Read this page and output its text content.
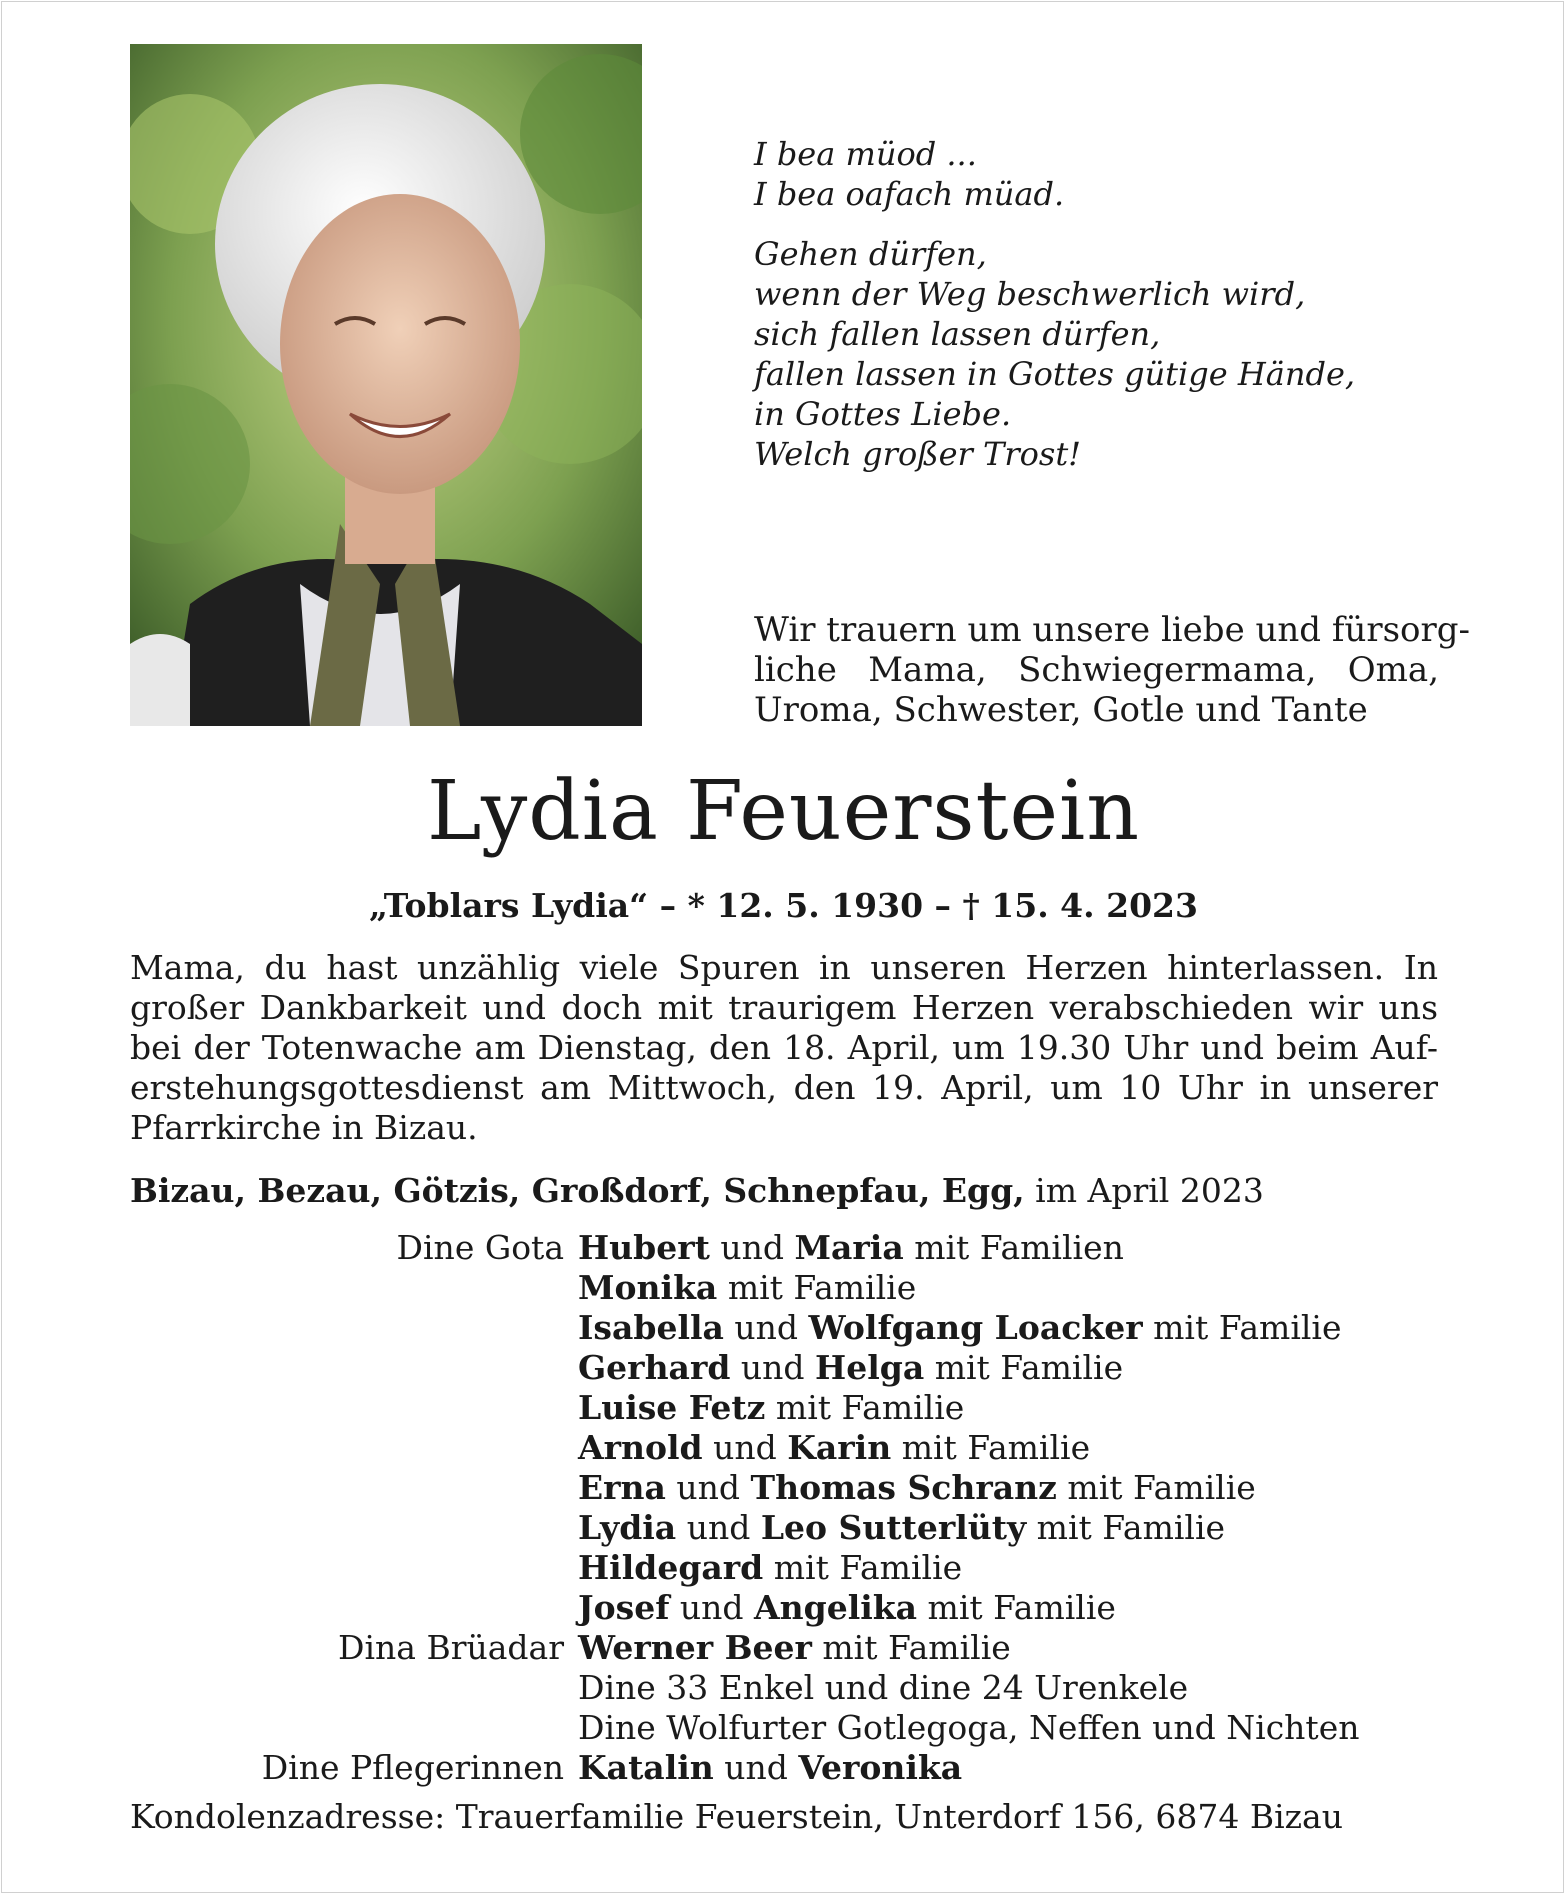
I bea müod ...
I bea oafach müad.
Gehen dürfen,
wenn der Weg beschwerlich wird,
sich fallen lassen dürfen,
fallen lassen in Gottes gütige Hände,
in Gottes Liebe.
Welch großer Trost!
Wir trauern um unsere liebe und fürsorg-
liche Mama, Schwiegermama, Oma,
Uroma, Schwester, Gotle und Tante
Lydia Feuerstein
„Toblars Lydia“ – * 12. 5. 1930 – † 15. 4. 2023
Mama, du hast unzählig viele Spuren in unseren Herzen hinterlassen. In
großer Dankbarkeit und doch mit traurigem Herzen verabschieden wir uns
bei der Totenwache am Dienstag, den 18. April, um 19.30 Uhr und beim Auf-
erstehungsgottesdienst am Mittwoch, den 19. April, um 10 Uhr in unserer
Pfarrkirche in Bizau.
Bizau, Bezau, Götzis, Großdorf, Schnepfau, Egg, im April 2023
Dine Gota Hubert und Maria mit Familien
Monika mit Familie
Isabella und Wolfgang Loacker mit Familie
Gerhard und Helga mit Familie
Luise Fetz mit Familie
Arnold und Karin mit Familie
Erna und Thomas Schranz mit Familie
Lydia und Leo Sutterlüty mit Familie
Hildegard mit Familie
Josef und Angelika mit Familie
Dina Brüadar Werner Beer mit Familie
Dine 33 Enkel und dine 24 Urenkele
Dine Wolfurter Gotlegoga, Neffen und Nichten
Dine Pflegerinnen Katalin und Veronika
Kondolenzadresse: Trauerfamilie Feuerstein, Unterdorf 156, 6874 Bizau
